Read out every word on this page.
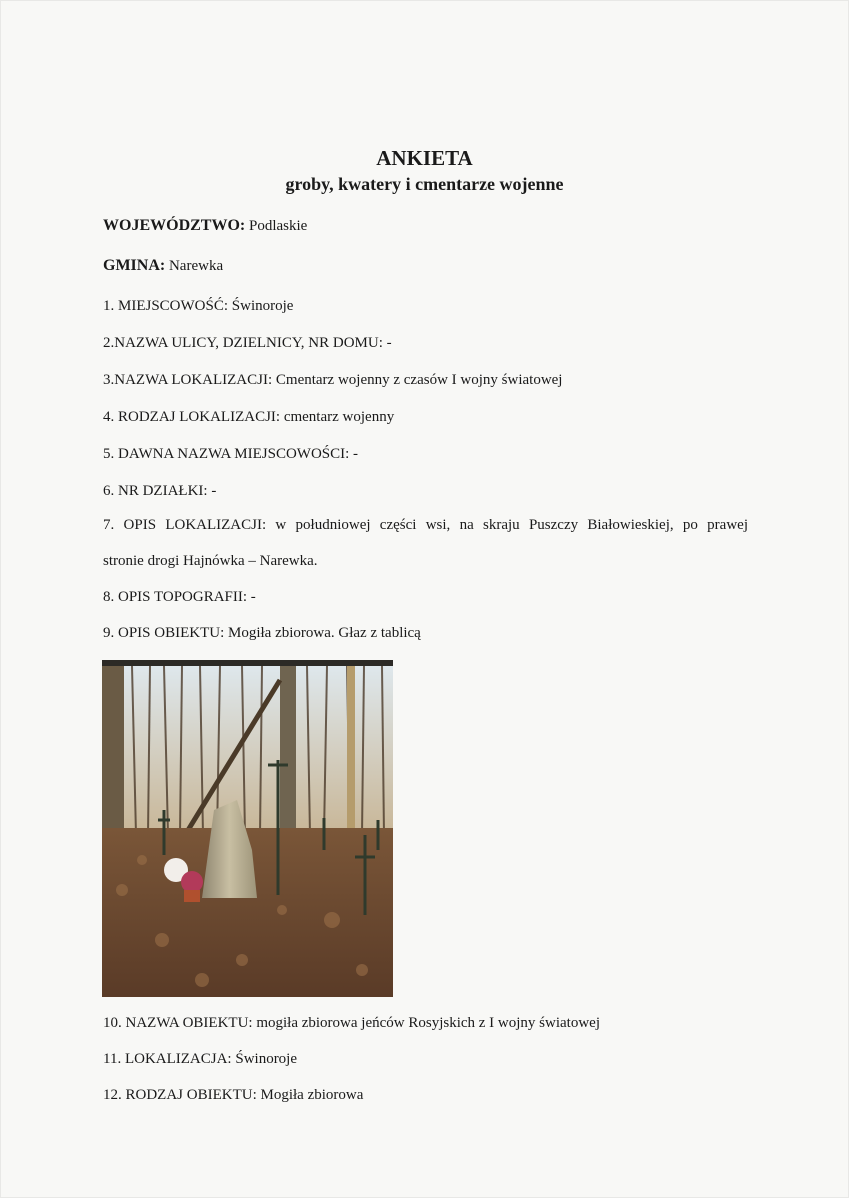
ANKIETA
groby, kwatery i cmentarze wojenne
WOJEWÓDZTWO: Podlaskie
GMINA: Narewka
1. MIEJSCOWOŚĆ: Świnoroje
2.NAZWA ULICY, DZIELNICY, NR DOMU: -
3.NAZWA LOKALIZACJI: Cmentarz wojenny z czasów I wojny światowej
4. RODZAJ LOKALIZACJI: cmentarz wojenny
5. DAWNA NAZWA MIEJSCOWOŚCI: -
6. NR DZIAŁKI: -
7. OPIS LOKALIZACJI: w południowej części wsi, na skraju Puszczy Białowieskiej, po prawej
stronie drogi Hajnówka – Narewka.
8. OPIS TOPOGRAFII: -
9. OPIS OBIEKTU: Mogiła zbiorowa. Głaz z tablicą
10. NAZWA OBIEKTU: mogiła zbiorowa jeńców Rosyjskich z I wojny światowej
11. LOKALIZACJA: Świnoroje
12. RODZAJ OBIEKTU: Mogiła zbiorowa
